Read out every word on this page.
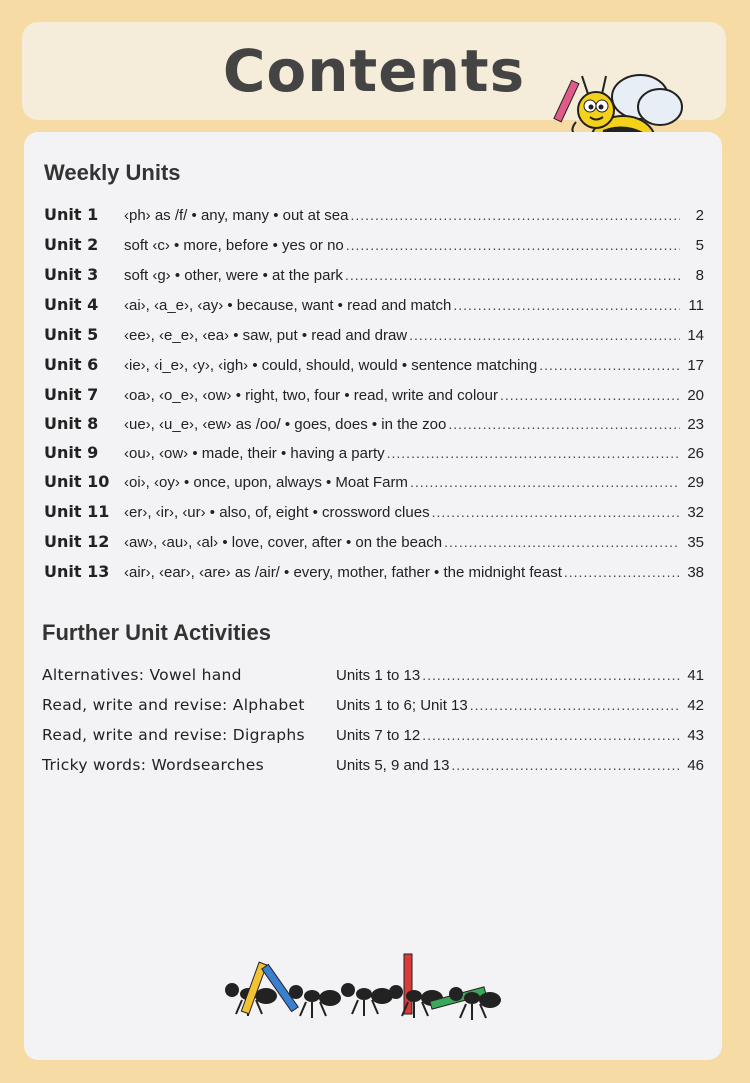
Contents
Weekly Units
Unit 1	‹ph› as /f/ • any, many • out at sea .....	2
Unit 2	soft ‹c› • more, before • yes or no .....	5
Unit 3	soft ‹g› • other, were • at the park .....	8
Unit 4	‹ai›, ‹a_e›, ‹ay› • because, want • read and match .....	11
Unit 5	‹ee›, ‹e_e›, ‹ea› • saw, put • read and draw .....	14
Unit 6	‹ie›, ‹i_e›, ‹y›, ‹igh› • could, should, would • sentence matching .....	17
Unit 7	‹oa›, ‹o_e›, ‹ow› • right, two, four • read, write and colour .....	20
Unit 8	‹ue›, ‹u_e›, ‹ew› as /oo/ • goes, does • in the zoo .....	23
Unit 9	‹ou›, ‹ow› • made, their • having a party .....	26
Unit 10 ‹oi›, ‹oy› • once, upon, always • Moat Farm .....	29
Unit 11 ‹er›, ‹ir›, ‹ur› • also, of, eight • crossword clues .....	32
Unit 12 ‹aw›, ‹au›, ‹al› • love, cover, after • on the beach .....	35
Unit 13 ‹air›, ‹ear›, ‹are› as /air/ • every, mother, father • the midnight feast .....	38
Further Unit Activities
Alternatives: Vowel hand	Units 1 to 13 .....	41
Read, write and revise: Alphabet	Units 1 to 6; Unit 13 .....	42
Read, write and revise: Digraphs	Units 7 to 12 .....	43
Tricky words: Wordsearches	Units 5, 9 and 13 .....	46
